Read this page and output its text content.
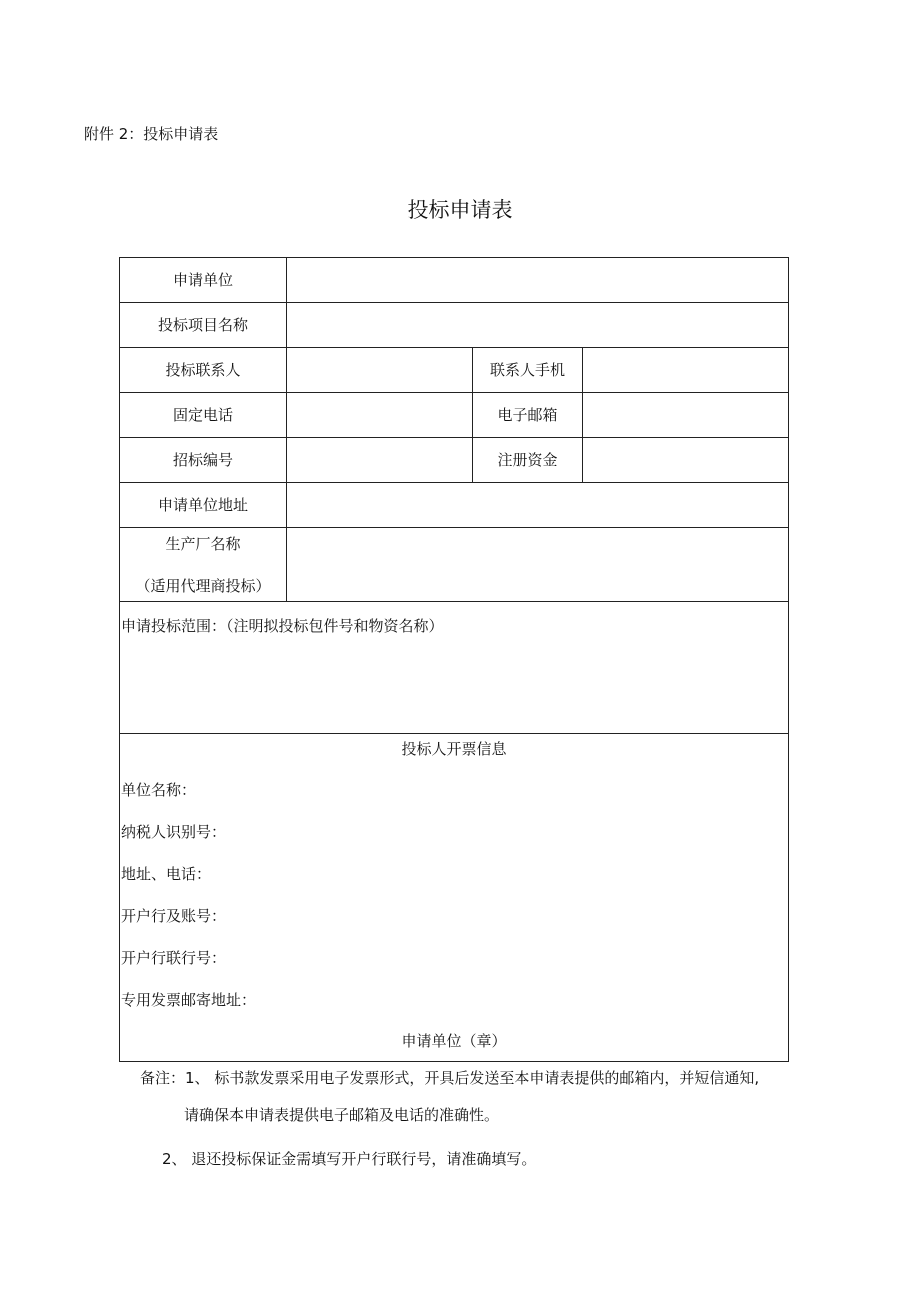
附件 2：投标申请表
投标申请表
申请单位
投标项目名称
投标联系人	联系人手机
固定电话	电子邮箱
招标编号	注册资金
申请单位地址
生产厂名称
（适用代理商投标）
申请投标范围：（注明拟投标包件号和物资名称）
投标人开票信息
单位名称：
纳税人识别号：
地址、电话：
开户行及账号：
开户行联行号：
专用发票邮寄地址：
申请单位（章）
备注：1、 标书款发票采用电子发票形式，开具后发送至本申请表提供的邮箱内，并短信通知,
请确保本申请表提供电子邮箱及电话的准确性。
2、 退还投标保证金需填写开户行联行号，请准确填写。
